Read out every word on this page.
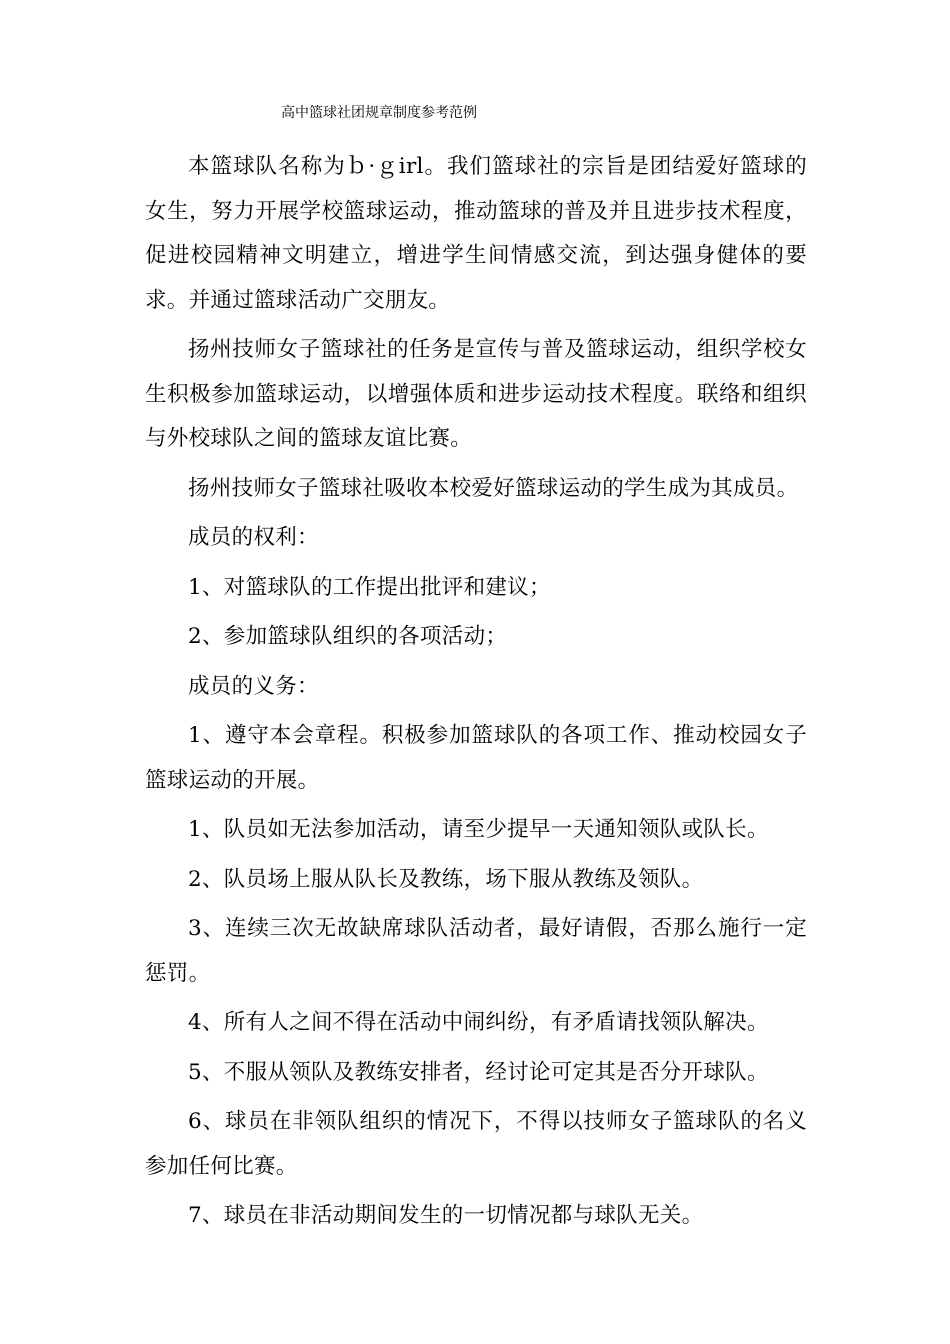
高中篮球社团规章制度参考范例

本篮球队名称为ｂ·ｇirl。我们篮球社的宗旨是团结爱好篮球的女生，努力开展学校篮球运动，推动篮球的普及并且进步技术程度，促进校园精神文明建立，增进学生间情感交流，到达强身健体的要求。并通过篮球活动广交朋友。

扬州技师女子篮球社的任务是宣传与普及篮球运动，组织学校女生积极参加篮球运动，以增强体质和进步运动技术程度。联络和组织与外校球队之间的篮球友谊比赛。

扬州技师女子篮球社吸收本校爱好篮球运动的学生成为其成员。

成员的权利：

1、对篮球队的工作提出批评和建议；

2、参加篮球队组织的各项活动；

成员的义务：

1、遵守本会章程。积极参加篮球队的各项工作、推动校园女子篮球运动的开展。

1、队员如无法参加活动，请至少提早一天通知领队或队长。

2、队员场上服从队长及教练，场下服从教练及领队。

3、连续三次无故缺席球队活动者，最好请假，否那么施行一定惩罚。

4、所有人之间不得在活动中闹纠纷，有矛盾请找领队解决。

5、不服从领队及教练安排者，经讨论可定其是否分开球队。

6、球员在非领队组织的情况下，不得以技师女子篮球队的名义参加任何比赛。

7、球员在非活动期间发生的一切情况都与球队无关。
